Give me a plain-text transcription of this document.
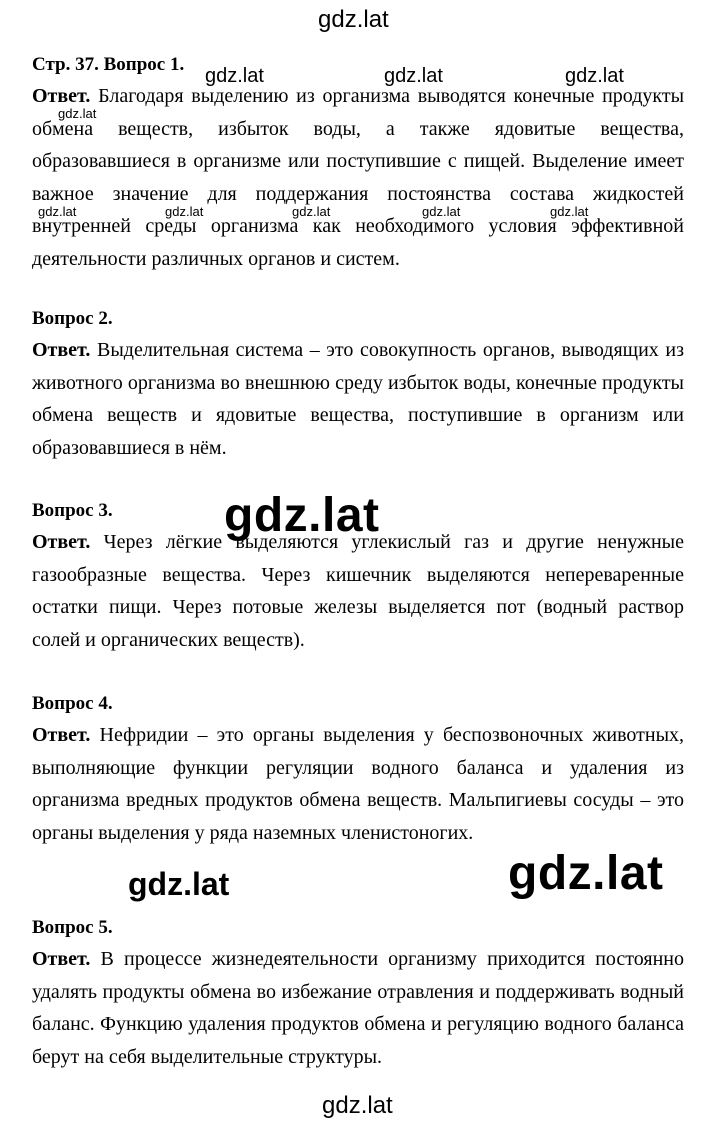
gdz.lat

Стр. 37. Вопрос 1.

Ответ. Благодаря выделению из организма выводятся конечные продукты обмена веществ, избыток воды, а также ядовитые вещества, образовавшиеся в организме или поступившие с пищей. Выделение имеет важное значение для поддержания постоянства состава жидкостей внутренней среды организма как необходимого условия эффективной деятельности различных органов и систем.

Вопрос 2.

Ответ. Выделительная система – это совокупность органов, выводящих из животного организма во внешнюю среду избыток воды, конечные продукты обмена веществ и ядовитые вещества, поступившие в организм или образовавшиеся в нём.

Вопрос 3.

Ответ. Через лёгкие выделяются углекислый газ и другие ненужные газообразные вещества. Через кишечник выделяются непереваренные остатки пищи. Через потовые железы выделяется пот (водный раствор солей и органических веществ).

Вопрос 4.

Ответ. Нефридии – это органы выделения у беспозвоночных животных, выполняющие функции регуляции водного баланса и удаления из организма вредных продуктов обмена веществ. Мальпигиевы сосуды – это органы выделения у ряда наземных членистоногих.

Вопрос 5.

Ответ. В процессе жизнедеятельности организму приходится постоянно удалять продукты обмена во избежание отравления и поддерживать водный баланс. Функцию удаления продуктов обмена и регуляцию водного баланса берут на себя выделительные структуры.

gdz.lat	gdz.lat	gdz.lat
gdz.lat
gdz.lat	gdz.lat	gdz.lat	gdz.lat	gdz.lat
gdz.lat
gdz.lat
gdz.lat
gdz.lat
